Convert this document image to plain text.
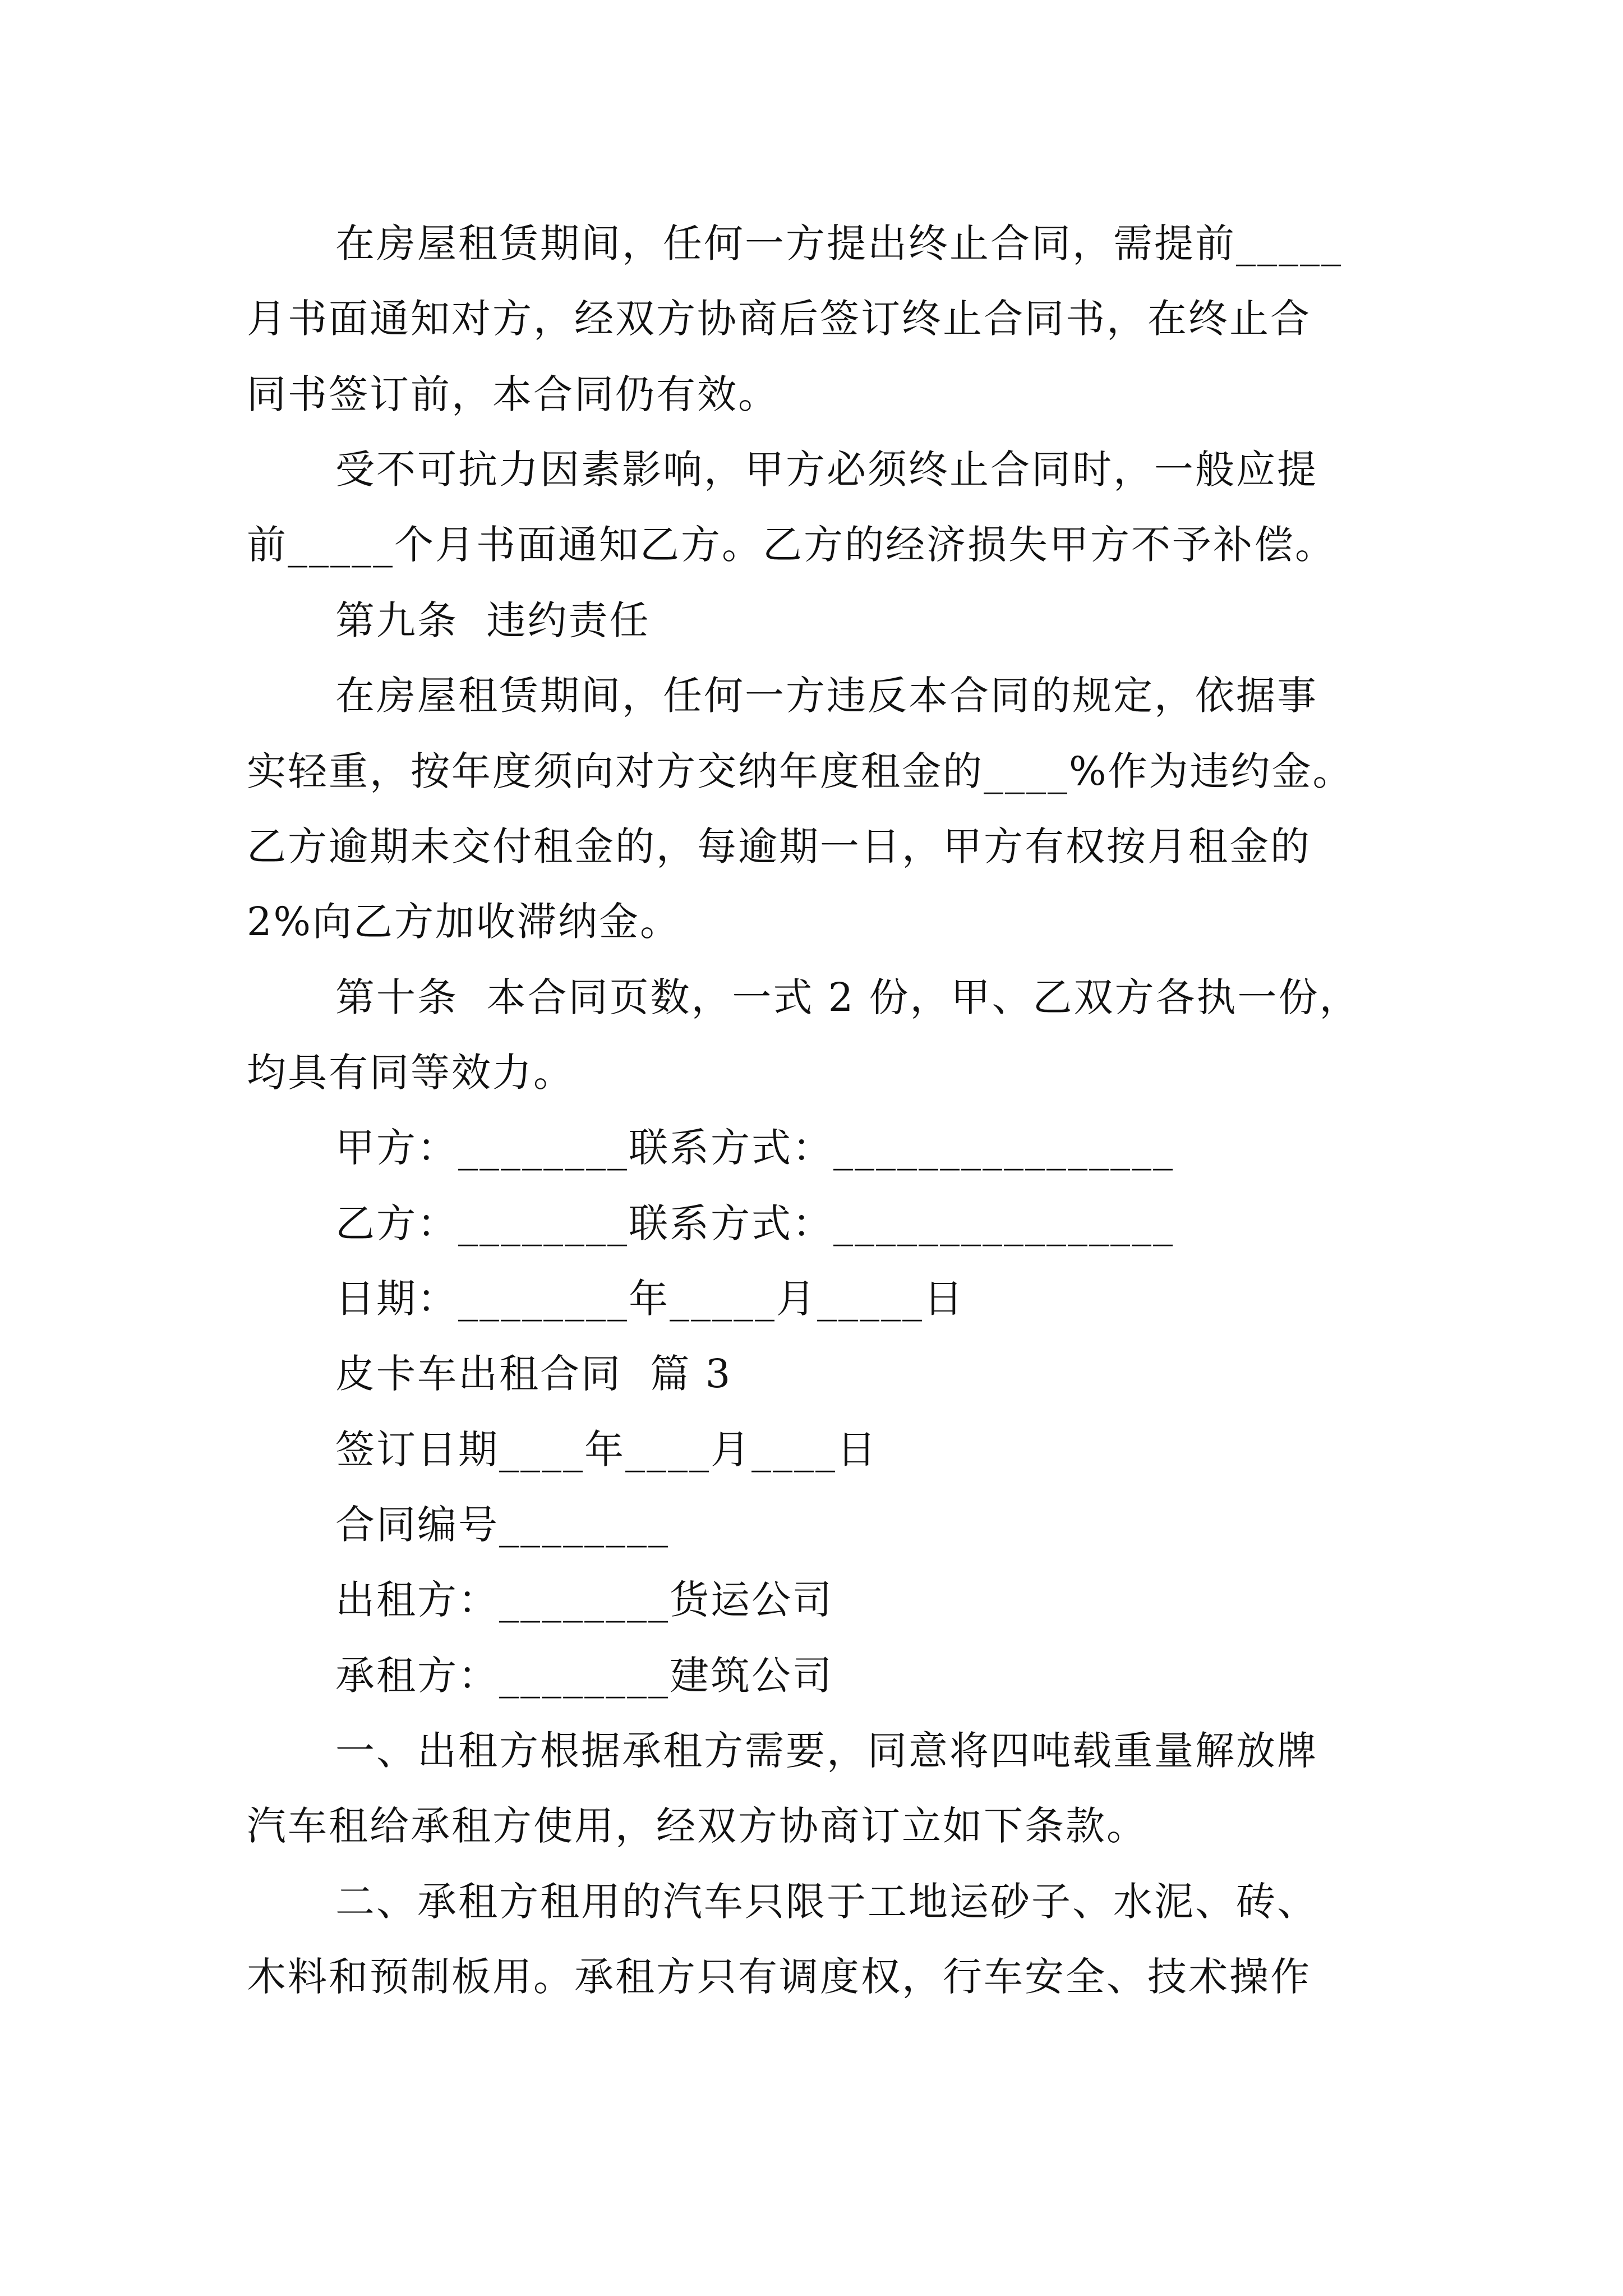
在房屋租赁期间，任何一方提出终止合同，需提前_____
月书面通知对方，经双方协商后签订终止合同书，在终止合
同书签订前，本合同仍有效。
受不可抗力因素影响，甲方必须终止合同时，一般应提
前_____个月书面通知乙方。乙方的经济损失甲方不予补偿。
第九条  违约责任
在房屋租赁期间，任何一方违反本合同的规定，依据事
实轻重，按年度须向对方交纳年度租金的____%作为违约金。
乙方逾期未交付租金的，每逾期一日，甲方有权按月租金的
2%向乙方加收滞纳金。
第十条  本合同页数，一式 2 份，甲、乙双方各执一份，
均具有同等效力。
甲方：________联系方式：________________
乙方：________联系方式：________________
日期：________年_____月_____日
皮卡车出租合同  篇 3
签订日期____年____月____日
合同编号________
出租方：________货运公司
承租方：________建筑公司
一、出租方根据承租方需要，同意将四吨载重量解放牌
汽车租给承租方使用，经双方协商订立如下条款。
二、承租方租用的汽车只限于工地运砂子、水泥、砖、
木料和预制板用。承租方只有调度权，行车安全、技术操作
